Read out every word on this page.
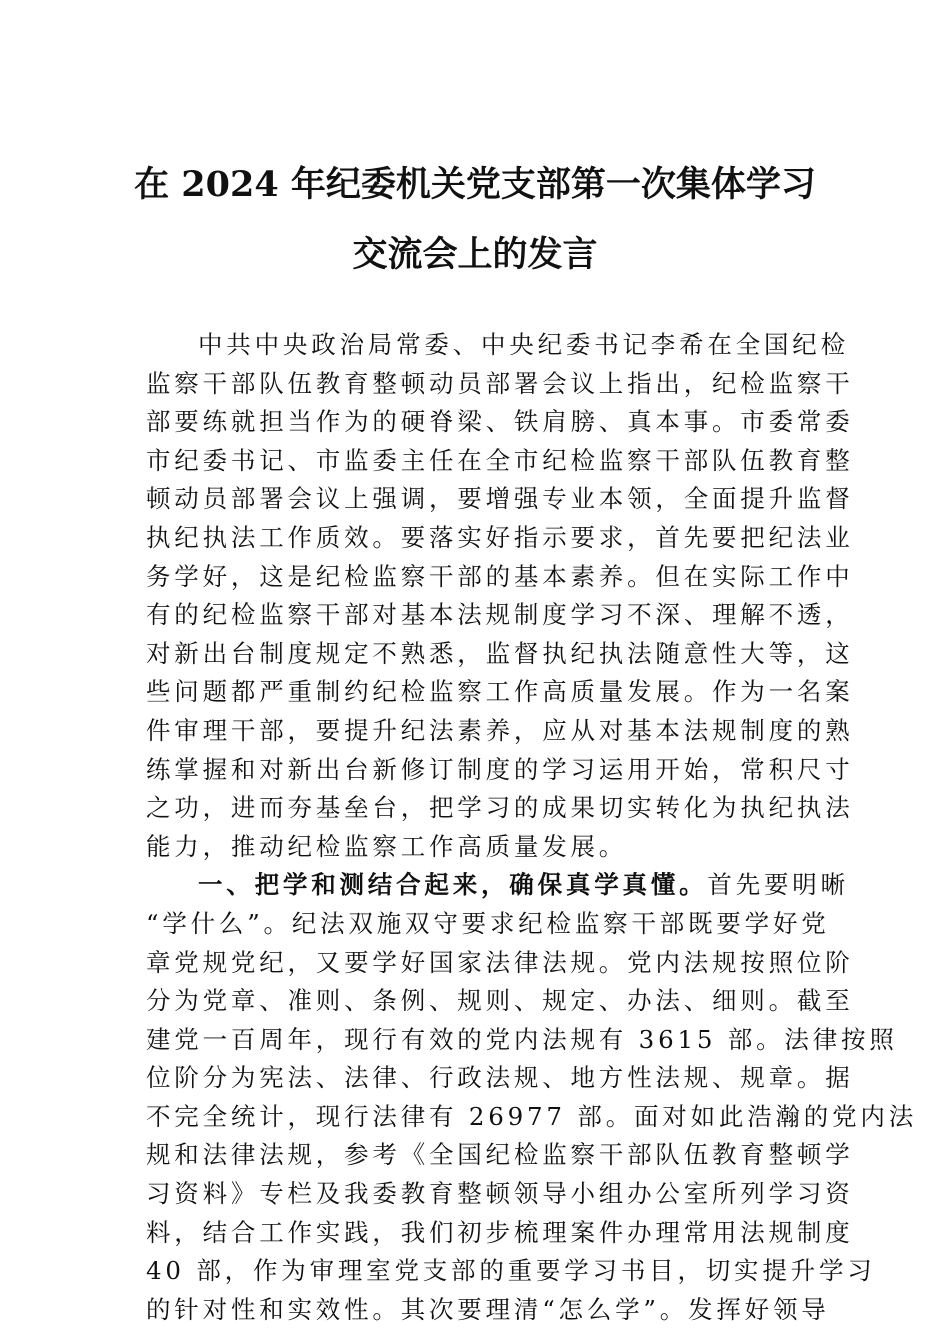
在 2024 年纪委机关党支部第一次集体学习
交流会上的发言
中共中央政治局常委、中央纪委书记李希在全国纪检
监察干部队伍教育整顿动员部署会议上指出，纪检监察干
部要练就担当作为的硬脊梁、铁肩膀、真本事。市委常委
市纪委书记、市监委主任在全市纪检监察干部队伍教育整
顿动员部署会议上强调，要增强专业本领，全面提升监督
执纪执法工作质效。要落实好指示要求，首先要把纪法业
务学好，这是纪检监察干部的基本素养。但在实际工作中
有的纪检监察干部对基本法规制度学习不深、理解不透，
对新出台制度规定不熟悉，监督执纪执法随意性大等，这
些问题都严重制约纪检监察工作高质量发展。作为一名案
件审理干部，要提升纪法素养，应从对基本法规制度的熟
练掌握和对新出台新修订制度的学习运用开始，常积尺寸
之功，进而夯基垒台，把学习的成果切实转化为执纪执法
能力，推动纪检监察工作高质量发展。
一、把学和测结合起来，确保真学真懂。首先要明晰
“学什么”。纪法双施双守要求纪检监察干部既要学好党
章党规党纪，又要学好国家法律法规。党内法规按照位阶
分为党章、准则、条例、规则、规定、办法、细则。截至
建党一百周年，现行有效的党内法规有 3615 部。法律按照
位阶分为宪法、法律、行政法规、地方性法规、规章。据
不完全统计，现行法律有 26977 部。面对如此浩瀚的党内法
规和法律法规，参考《全国纪检监察干部队伍教育整顿学
习资料》专栏及我委教育整顿领导小组办公室所列学习资
料，结合工作实践，我们初步梳理案件办理常用法规制度
40 部，作为审理室党支部的重要学习书目，切实提升学习
的针对性和实效性。其次要理清“怎么学”。发挥好领导
